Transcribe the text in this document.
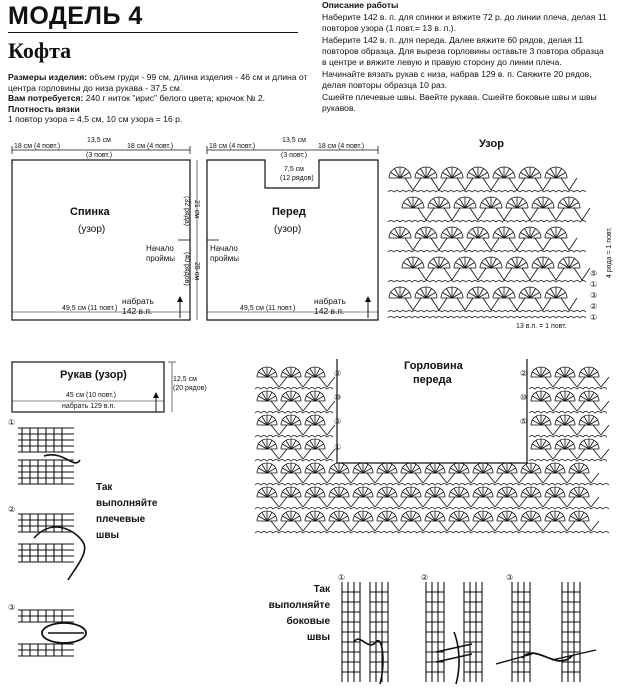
МОДЕЛЬ 4
Кофта

Размеры изделия: объем груди - 99 см, длина изделия - 46 см и длина от центра горловины до низа рукава - 37,5 см.

Вам потребуется: 240 г ниток "ирис" белого цвета; крючок № 2.

Плотность вязки

1 повтор узора = 4,5 см, 10 см узора = 16 р.

Описание работы

Наберите 142 в. п. для спинки и вяжите 72 р. до линии плеча, делая 11 повторов узора (1 повт.= 13 в. п.).

Наберите 142 в. п. для переда. Далее вяжите 60 рядов, делая 11 повторов образца. Для выреза горловины оставьте 3 повтора образца в центре и вяжите левую и правую сторону до линии плеча.

Начинайте вязать рукав с низа, набрав 129 в. п. Свяжите 20 рядов, делая повторы образца 10 раз.

Сшейте плечевые швы. Ввейте рукава. Сшейте боковые швы и швы рукавов.

18 см (4 повт.)
13,5 см
(3 повт.)
18 см (4 повт.)
Спинка
(узор)
Начало
проймы
21 см
(32 ряда)
25 см
(40 рядов)
49,5 см (11 повт.)
набрать
142 в.п.
18 см (4 повт.)
13,5 см
(3 повт.)
18 см (4 повт.)
7,5 см
(12 рядов)
Перед
(узор)
Начало
проймы
49,5 см (11 повт.)
набрать
142 в.п.
Рукав (узор)
45 см (10 повт.)
набрать 129 в.п.
12,5 см
(20 рядов)
Узор
4 ряда = 1 повт.
13 в.п. = 1 повт.
⑤
①
③
②
①
Горловина
переда
②
⑩
⑤
①
②
⑩
⑤
①
②
③
Так
выполняйте
плечевые
швы
Так
выполняйте
боковые
швы
①	②	③
